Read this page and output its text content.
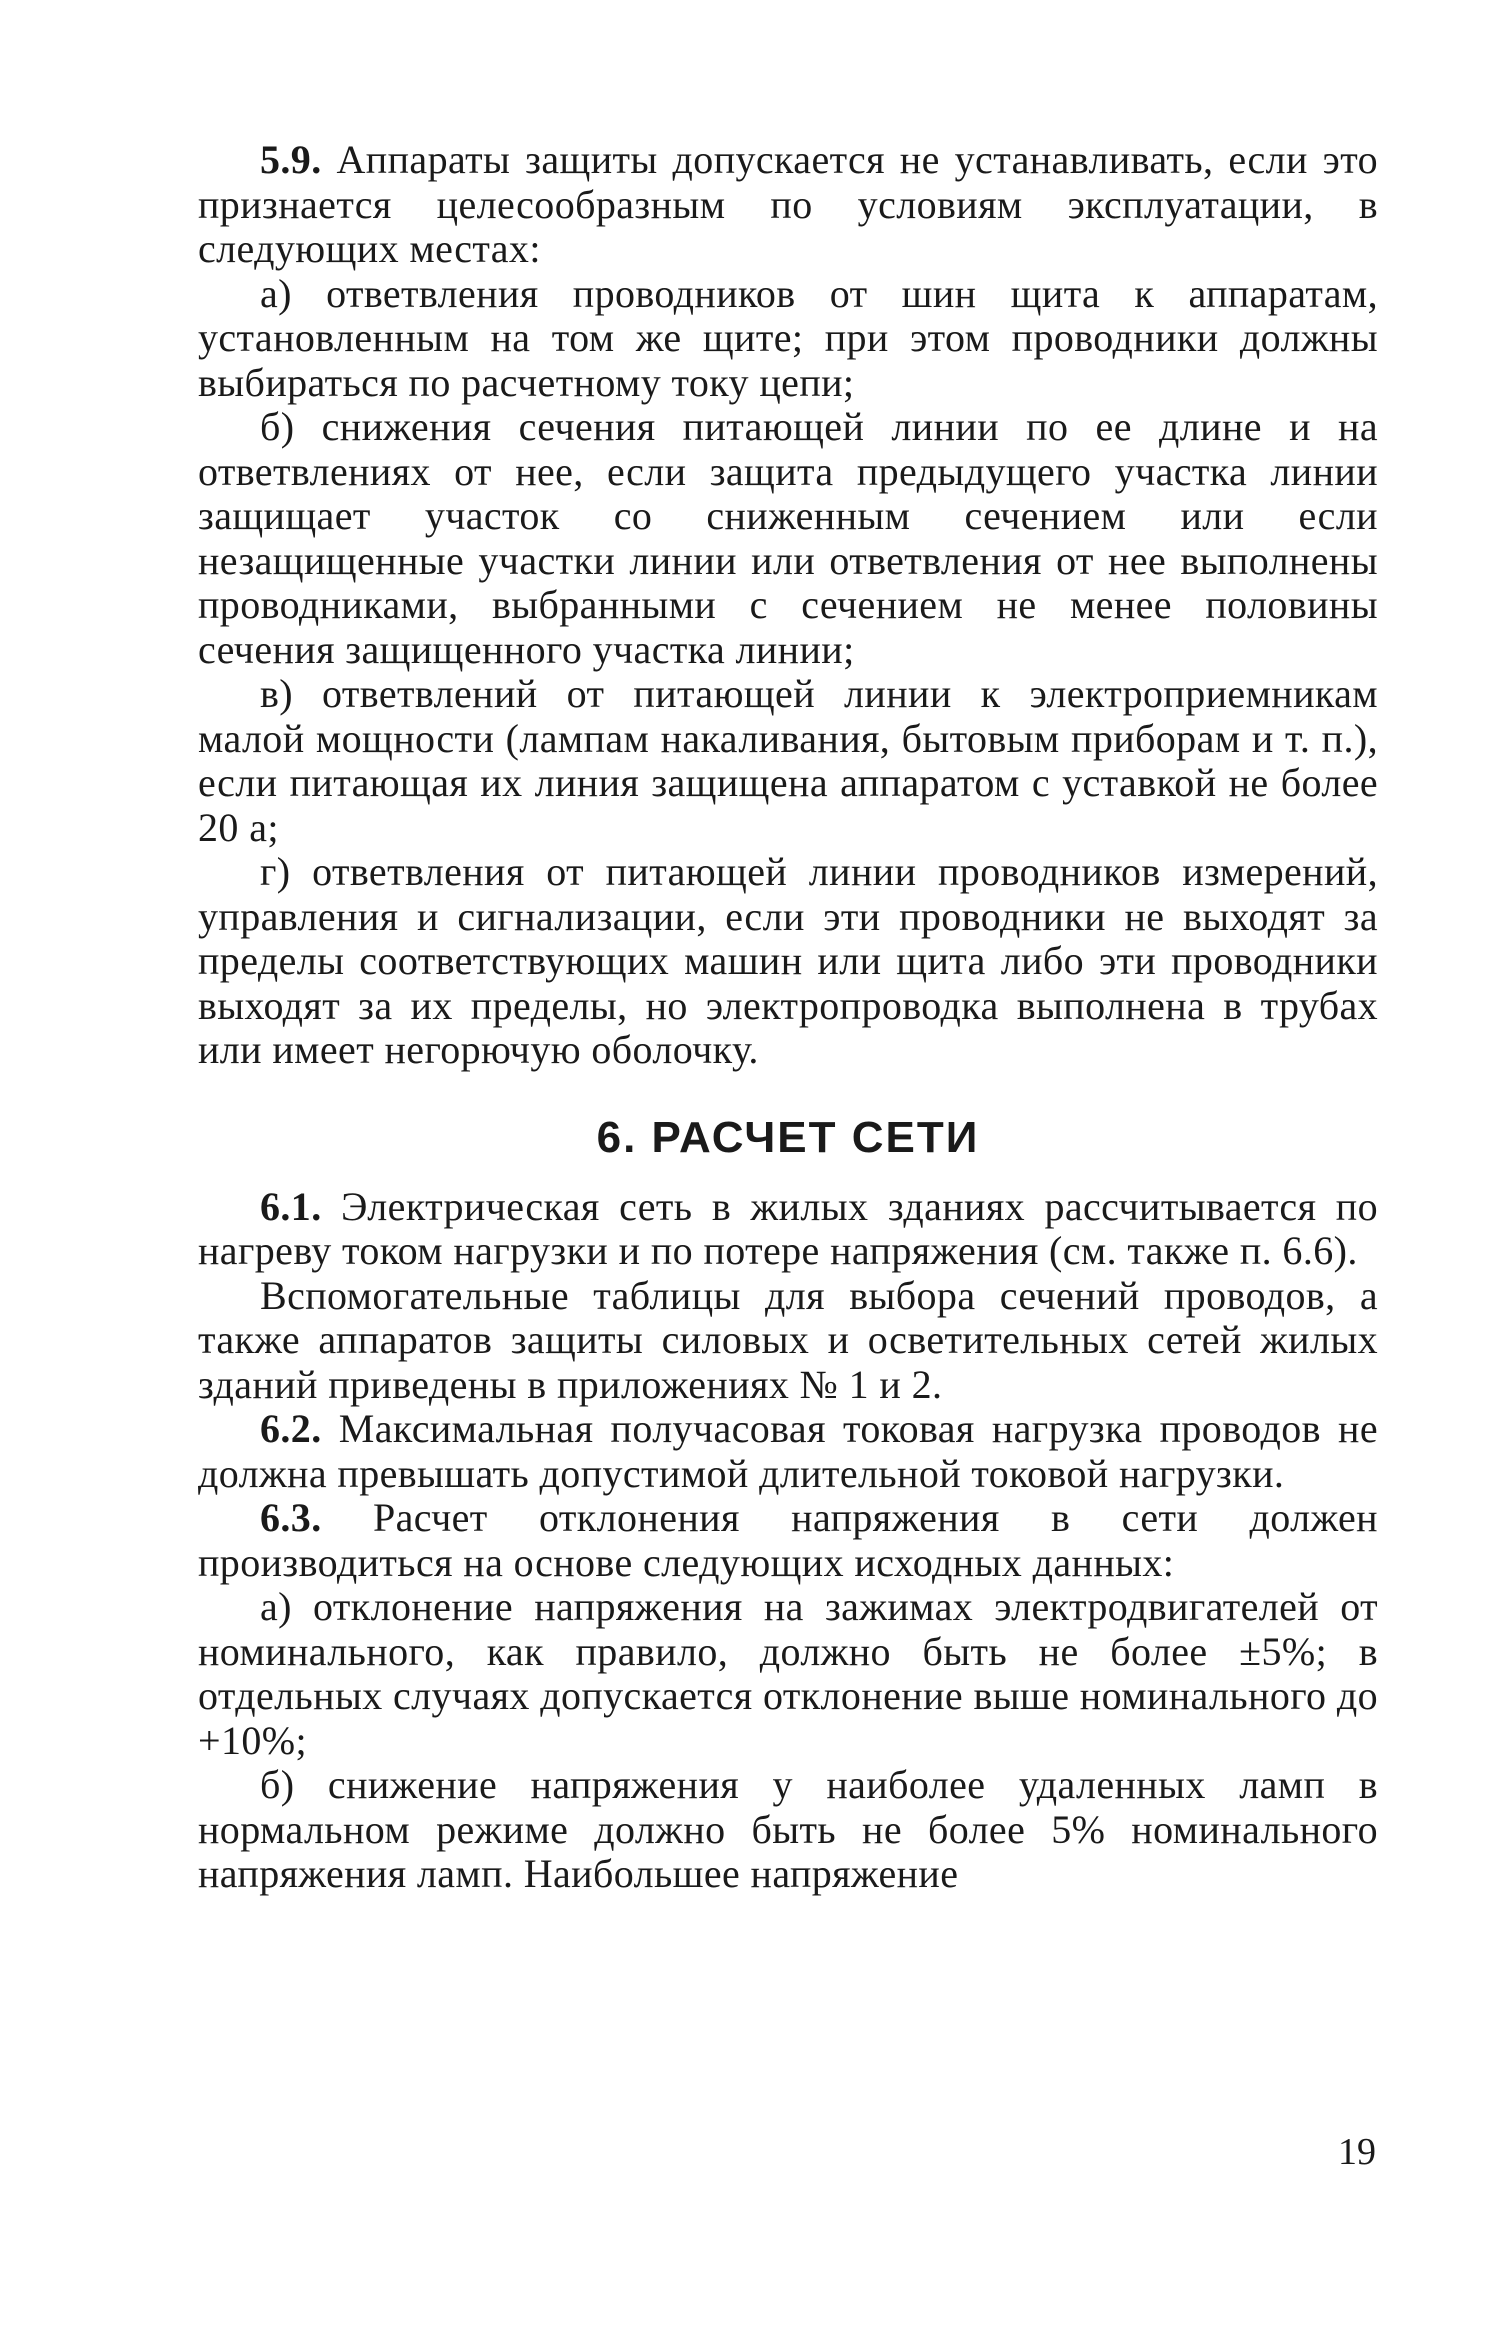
5.9. Аппараты защиты допускается не устанавливать, если это признается целесообразным по условиям эксплуатации, в следующих местах:

а) ответвления проводников от шин щита к аппаратам, установленным на том же щите; при этом проводники должны выбираться по расчетному току цепи;

б) снижения сечения питающей линии по ее длине и на ответвлениях от нее, если защита предыдущего участка линии защищает участок со сниженным сечением или если незащищенные участки линии или ответвления от нее выполнены проводниками, выбранными с сечением не менее половины сечения защищенного участка линии;

в) ответвлений от питающей линии к электроприемникам малой мощности (лампам накаливания, бытовым приборам и т. п.), если питающая их линия защищена аппаратом с уставкой не более 20 а;

г) ответвления от питающей линии проводников измерений, управления и сигнализации, если эти проводники не выходят за пределы соответствующих машин или щита либо эти проводники выходят за их пределы, но электропроводка выполнена в трубах или имеет негорючую оболочку.

6. РАСЧЕТ СЕТИ

6.1. Электрическая сеть в жилых зданиях рассчитывается по нагреву током нагрузки и по потере напряжения (см. также п. 6.6).

Вспомогательные таблицы для выбора сечений проводов, а также аппаратов защиты силовых и осветительных сетей жилых зданий приведены в приложениях № 1 и 2.

6.2. Максимальная получасовая токовая нагрузка проводов не должна превышать допустимой длительной токовой нагрузки.

6.3. Расчет отклонения напряжения в сети должен производиться на основе следующих исходных данных:

а) отклонение напряжения на зажимах электродвигателей от номинального, как правило, должно быть не более ±5%; в отдельных случаях допускается отклонение выше номинального до +10%;

б) снижение напряжения у наиболее удаленных ламп в нормальном режиме должно быть не более 5% номинального напряжения ламп. Наибольшее напряжение

19
